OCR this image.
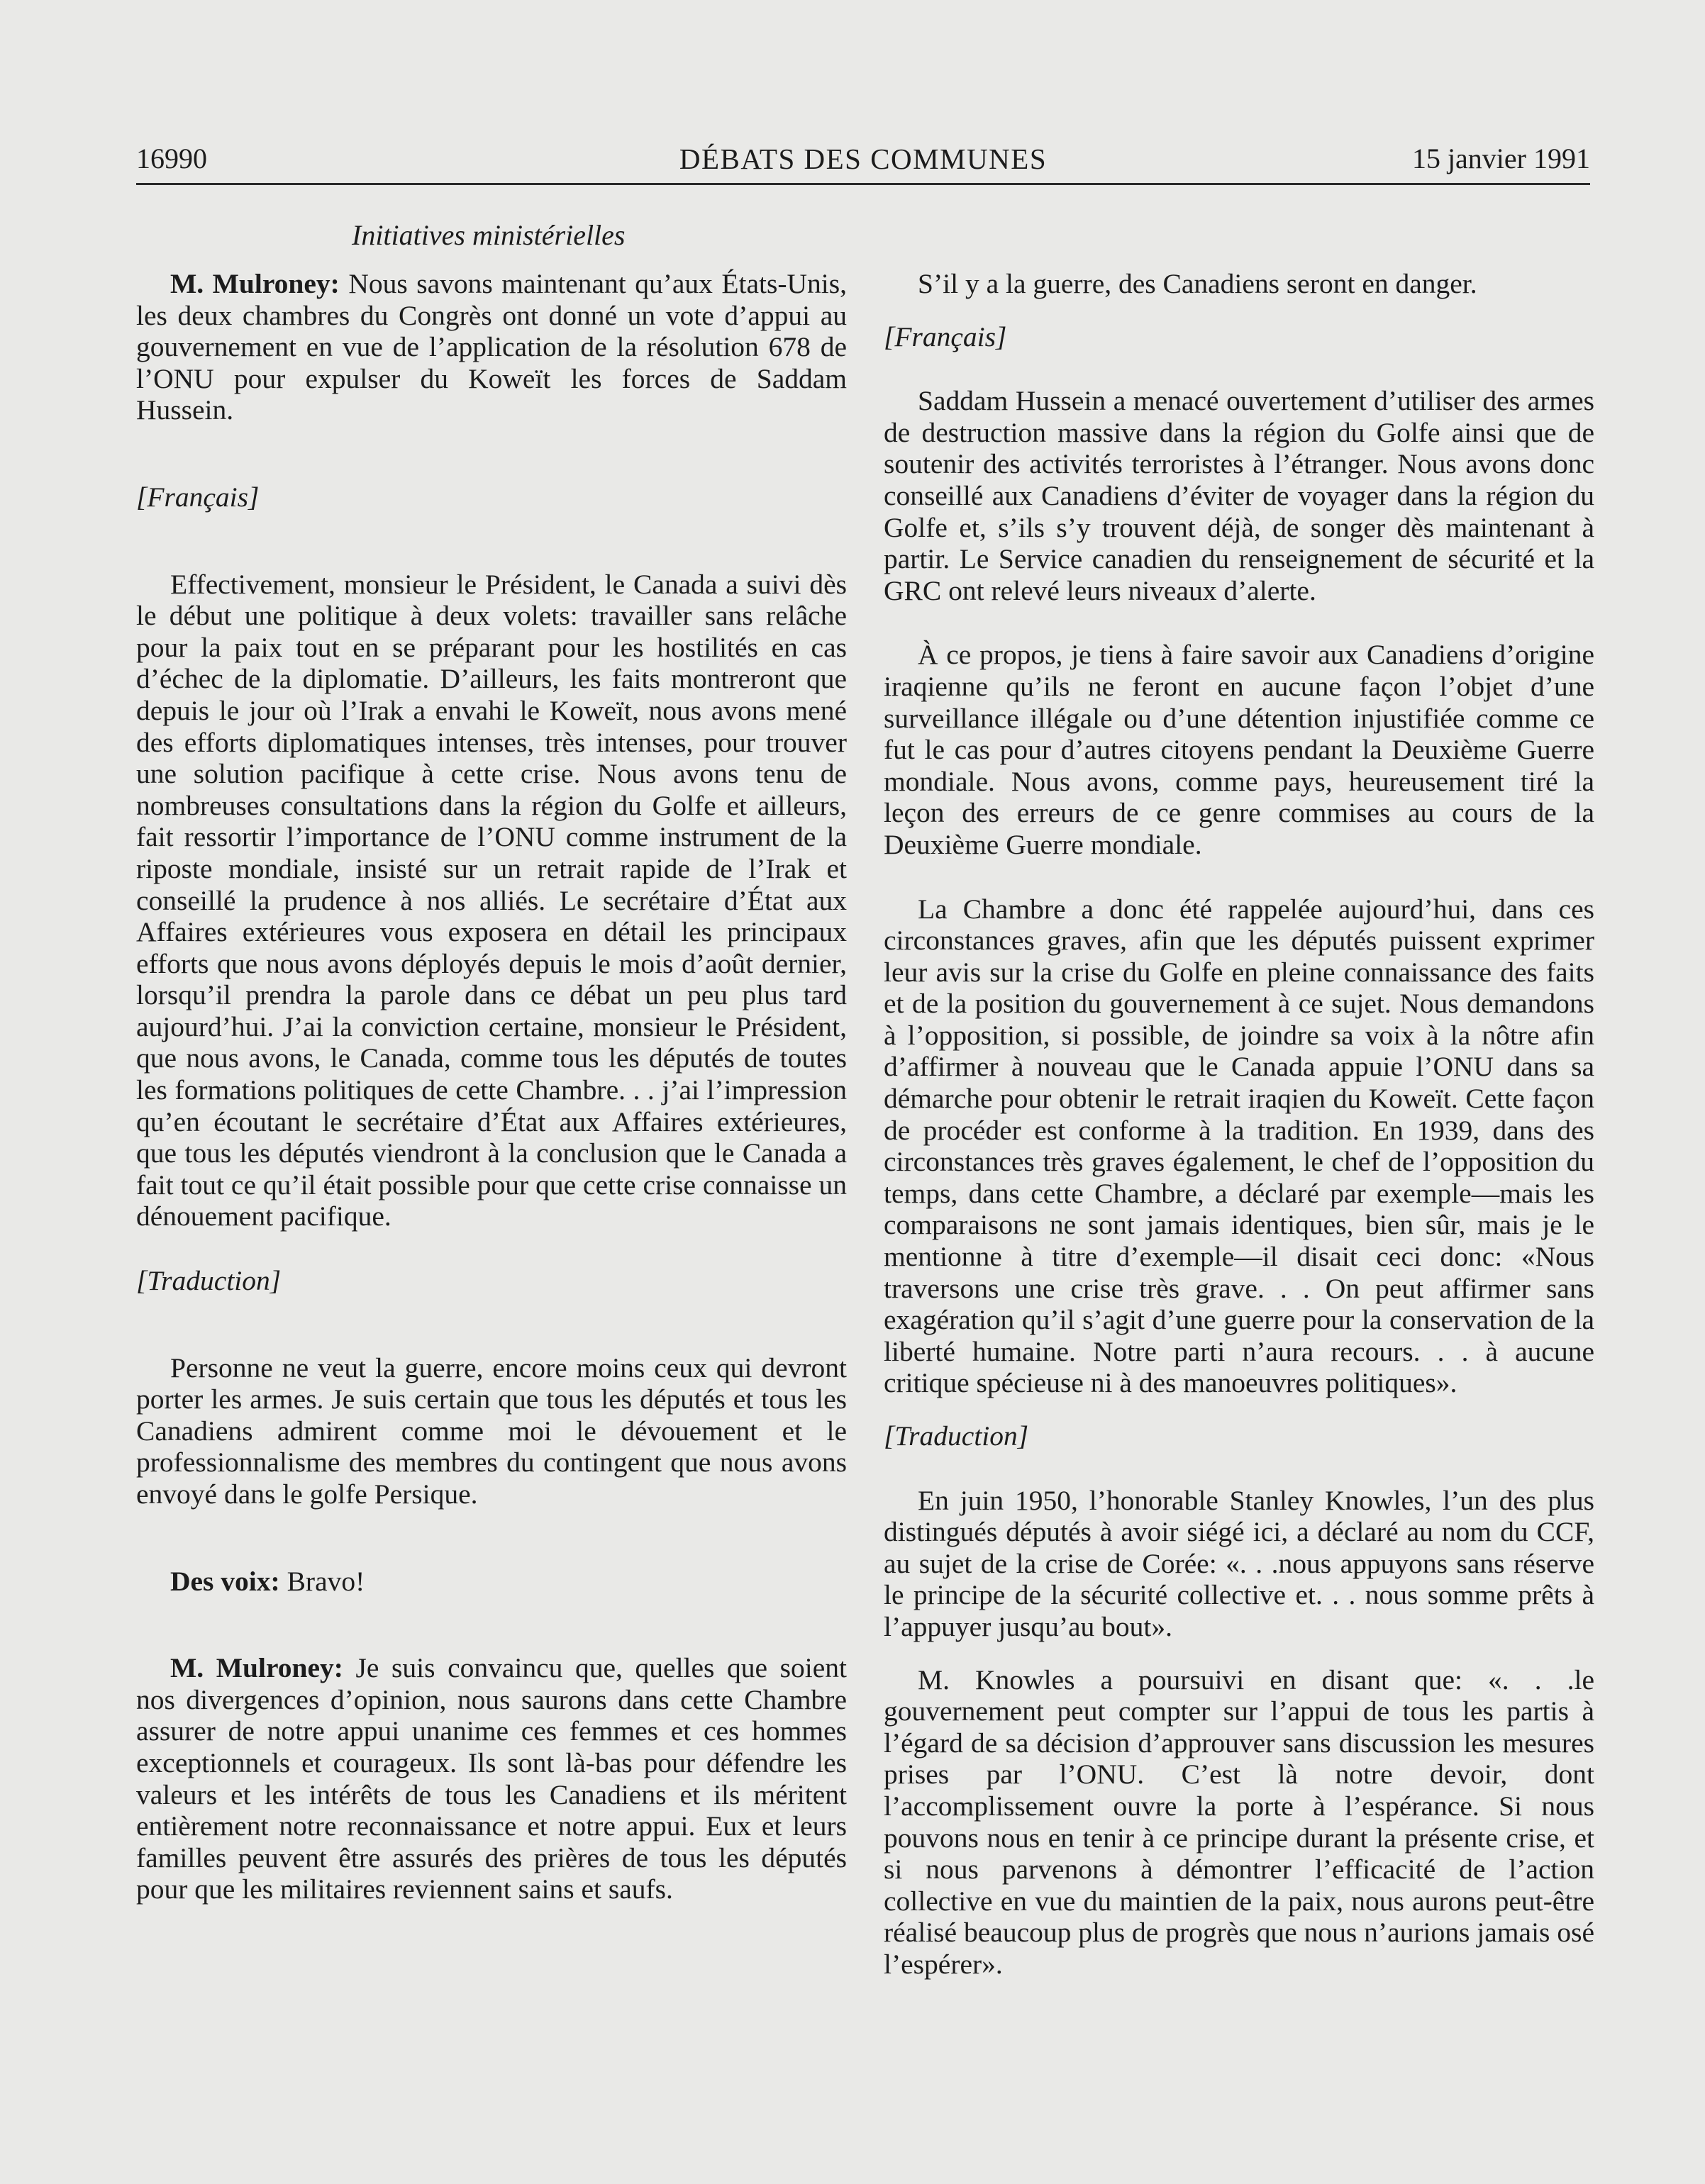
16990	DÉBATS DES COMMUNES	15 janvier 1991
Initiatives ministérielles

M. Mulroney: Nous savons maintenant qu’aux États-Unis, les deux chambres du Congrès ont donné un vote d’appui au gouvernement en vue de l’application de la résolution 678 de l’ONU pour expulser du Koweït les forces de Saddam Hussein.

[Français]

Effectivement, monsieur le Président, le Canada a suivi dès le début une politique à deux volets: travailler sans relâche pour la paix tout en se préparant pour les hostilités en cas d’échec de la diplomatie. D’ailleurs, les faits montreront que depuis le jour où l’Irak a envahi le Koweït, nous avons mené des efforts diplomatiques intenses, très intenses, pour trouver une solution pacifique à cette crise. Nous avons tenu de nombreuses consultations dans la région du Golfe et ailleurs, fait ressortir l’importance de l’ONU comme instrument de la riposte mondiale, insisté sur un retrait rapide de l’Irak et conseillé la prudence à nos alliés. Le secrétaire d’État aux Affaires extérieures vous exposera en détail les principaux efforts que nous avons déployés depuis le mois d’août dernier, lorsqu’il prendra la parole dans ce débat un peu plus tard aujourd’hui. J’ai la conviction certaine, monsieur le Président, que nous avons, le Canada, comme tous les députés de toutes les formations politiques de cette Chambre. . . j’ai l’impression qu’en écoutant le secrétaire d’État aux Affaires extérieures, que tous les députés viendront à la conclusion que le Canada a fait tout ce qu’il était possible pour que cette crise connaisse un dénouement pacifique.

[Traduction]

Personne ne veut la guerre, encore moins ceux qui devront porter les armes. Je suis certain que tous les députés et tous les Canadiens admirent comme moi le dévouement et le professionnalisme des membres du contingent que nous avons envoyé dans le golfe Persique.

Des voix: Bravo!

M. Mulroney: Je suis convaincu que, quelles que soient nos divergences d’opinion, nous saurons dans cette Chambre assurer de notre appui unanime ces femmes et ces hommes exceptionnels et courageux. Ils sont là-bas pour défendre les valeurs et les intérêts de tous les Canadiens et ils méritent entièrement notre reconnaissance et notre appui. Eux et leurs familles peuvent être assurés des prières de tous les députés pour que les militaires reviennent sains et saufs.

S’il y a la guerre, des Canadiens seront en danger.

[Français]

Saddam Hussein a menacé ouvertement d’utiliser des armes de destruction massive dans la région du Golfe ainsi que de soutenir des activités terroristes à l’étranger. Nous avons donc conseillé aux Canadiens d’éviter de voyager dans la région du Golfe et, s’ils s’y trouvent déjà, de songer dès maintenant à partir. Le Service canadien du renseignement de sécurité et la GRC ont relevé leurs niveaux d’alerte.

À ce propos, je tiens à faire savoir aux Canadiens d’origine iraqienne qu’ils ne feront en aucune façon l’objet d’une surveillance illégale ou d’une détention injustifiée comme ce fut le cas pour d’autres citoyens pendant la Deuxième Guerre mondiale. Nous avons, comme pays, heureusement tiré la leçon des erreurs de ce genre commises au cours de la Deuxième Guerre mondiale.

La Chambre a donc été rappelée aujourd’hui, dans ces circonstances graves, afin que les députés puissent exprimer leur avis sur la crise du Golfe en pleine connaissance des faits et de la position du gouvernement à ce sujet. Nous demandons à l’opposition, si possible, de joindre sa voix à la nôtre afin d’affirmer à nouveau que le Canada appuie l’ONU dans sa démarche pour obtenir le retrait iraqien du Koweït. Cette façon de procéder est conforme à la tradition. En 1939, dans des circonstances très graves également, le chef de l’opposition du temps, dans cette Chambre, a déclaré par exemple—mais les comparaisons ne sont jamais identiques, bien sûr, mais je le mentionne à titre d’exemple—il disait ceci donc: «Nous traversons une crise très grave. . . On peut affirmer sans exagération qu’il s’agit d’une guerre pour la conservation de la liberté humaine. Notre parti n’aura recours. . . à aucune critique spécieuse ni à des manoeuvres politiques».

[Traduction]

En juin 1950, l’honorable Stanley Knowles, l’un des plus distingués députés à avoir siégé ici, a déclaré au nom du CCF, au sujet de la crise de Corée: «. . .nous appuyons sans réserve le principe de la sécurité collective et. . . nous somme prêts à l’appuyer jusqu’au bout».

M. Knowles a poursuivi en disant que: «. . .le gouvernement peut compter sur l’appui de tous les partis à l’égard de sa décision d’approuver sans discussion les mesures prises par l’ONU. C’est là notre devoir, dont l’accomplissement ouvre la porte à l’espérance. Si nous pouvons nous en tenir à ce principe durant la présente crise, et si nous parvenons à démontrer l’efficacité de l’action collective en vue du maintien de la paix, nous aurons peut-être réalisé beaucoup plus de progrès que nous n’aurions jamais osé l’espérer».
